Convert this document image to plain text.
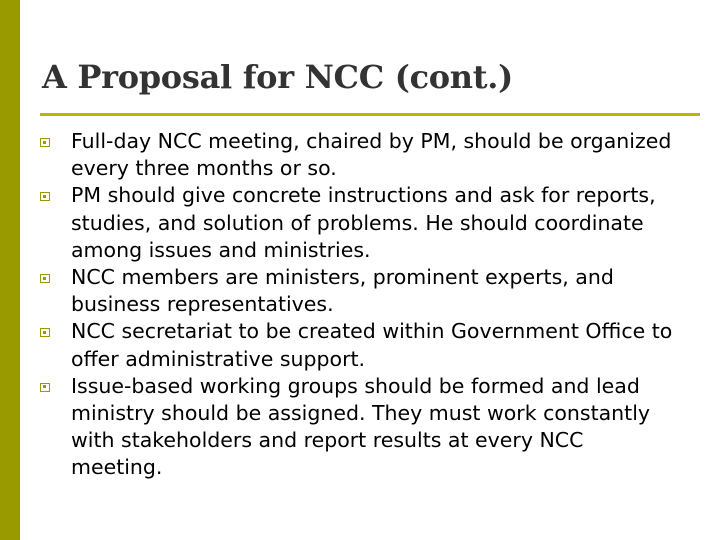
A Proposal for NCC (cont.)
Full-day NCC meeting, chaired by PM, should be organized every three months or so.
PM should give concrete instructions and ask for reports, studies, and solution of problems. He should coordinate among issues and ministries.
NCC members are ministers, prominent experts, and business representatives.
NCC secretariat to be created within Government Office to offer administrative support.
Issue-based working groups should be formed and lead ministry should be assigned. They must work constantly with stakeholders and report results at every NCC meeting.
